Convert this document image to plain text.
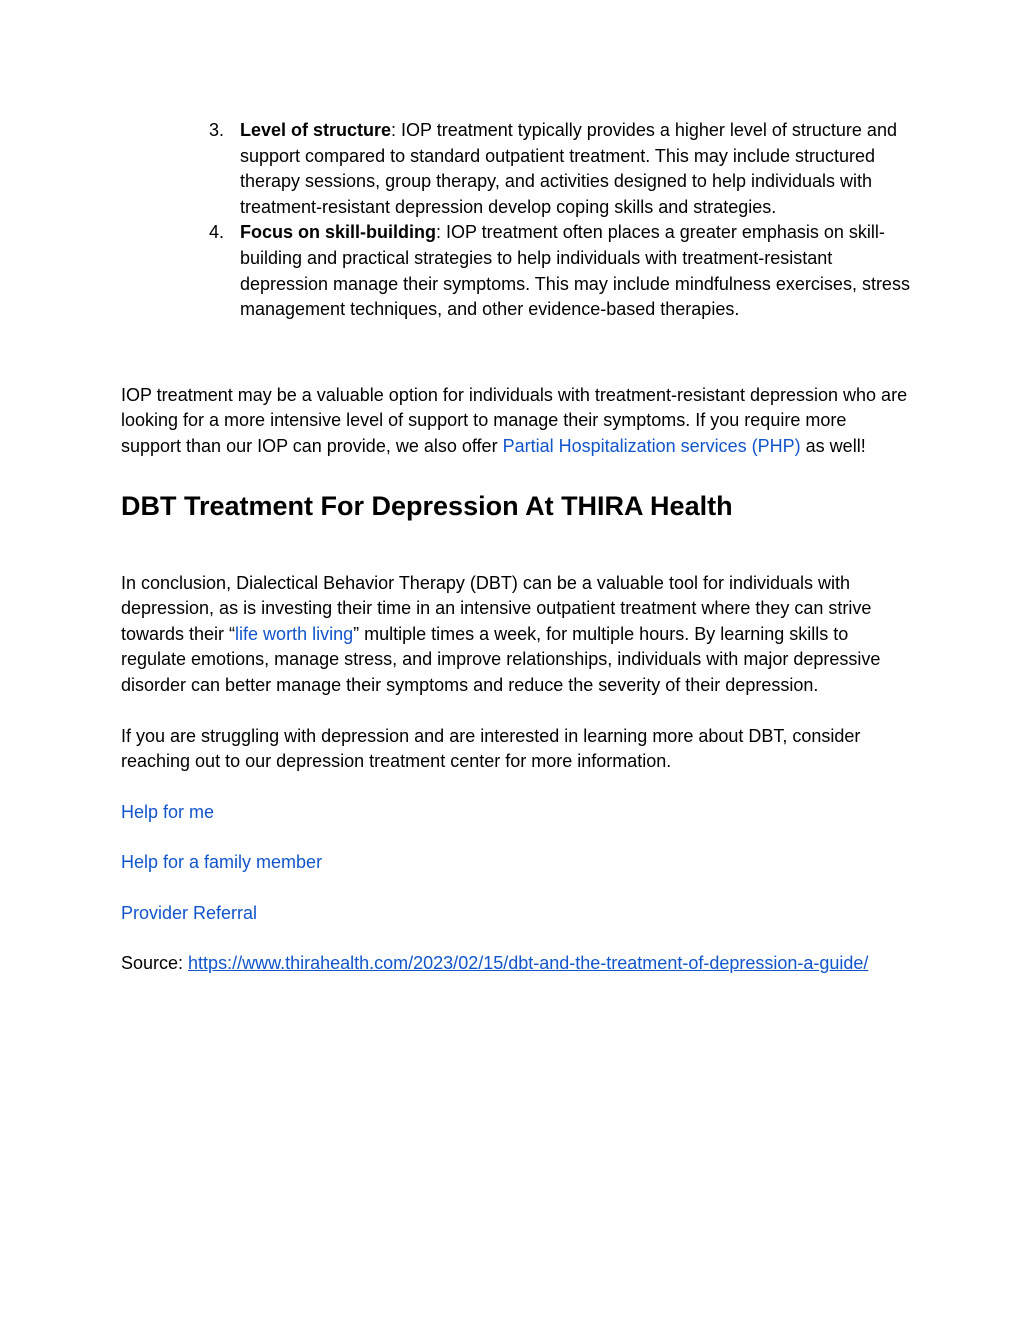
3. Level of structure: IOP treatment typically provides a higher level of structure and support compared to standard outpatient treatment. This may include structured therapy sessions, group therapy, and activities designed to help individuals with treatment-resistant depression develop coping skills and strategies.
4. Focus on skill-building: IOP treatment often places a greater emphasis on skill-building and practical strategies to help individuals with treatment-resistant depression manage their symptoms. This may include mindfulness exercises, stress management techniques, and other evidence-based therapies.

IOP treatment may be a valuable option for individuals with treatment-resistant depression who are looking for a more intensive level of support to manage their symptoms. If you require more support than our IOP can provide, we also offer Partial Hospitalization services (PHP) as well!

DBT Treatment For Depression At THIRA Health

In conclusion, Dialectical Behavior Therapy (DBT) can be a valuable tool for individuals with depression, as is investing their time in an intensive outpatient treatment where they can strive towards their “life worth living” multiple times a week, for multiple hours. By learning skills to regulate emotions, manage stress, and improve relationships, individuals with major depressive disorder can better manage their symptoms and reduce the severity of their depression.

If you are struggling with depression and are interested in learning more about DBT, consider reaching out to our depression treatment center for more information.

Help for me

Help for a family member

Provider Referral

Source: https://www.thirahealth.com/2023/02/15/dbt-and-the-treatment-of-depression-a-guide/
